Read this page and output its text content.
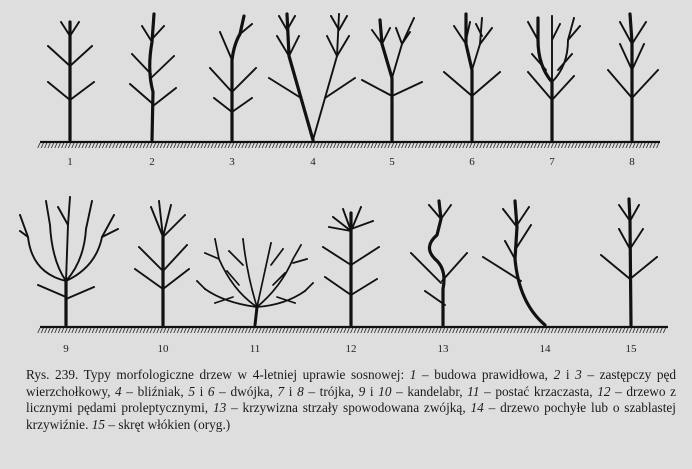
1	2	3	4	5	6	7	8
9	10	11	12	13	14	15

Rys. 239. Typy morfologiczne drzew w 4-letniej uprawie sosnowej: 1 – budowa prawidłowa, 2 i 3 – zastępczy pęd wierzchołkowy, 4 – bliźniak, 5 i 6 – dwójka, 7 i 8 – trójka, 9 i 10 – kandelabr, 11 – postać krzaczasta, 12 – drzewo z licznymi pędami proleptycznymi, 13 – krzywizna strzały spowodowana zwójką, 14 – drzewo pochyłe lub o szablastej krzywiźnie. 15 – skręt włókien (oryg.)
